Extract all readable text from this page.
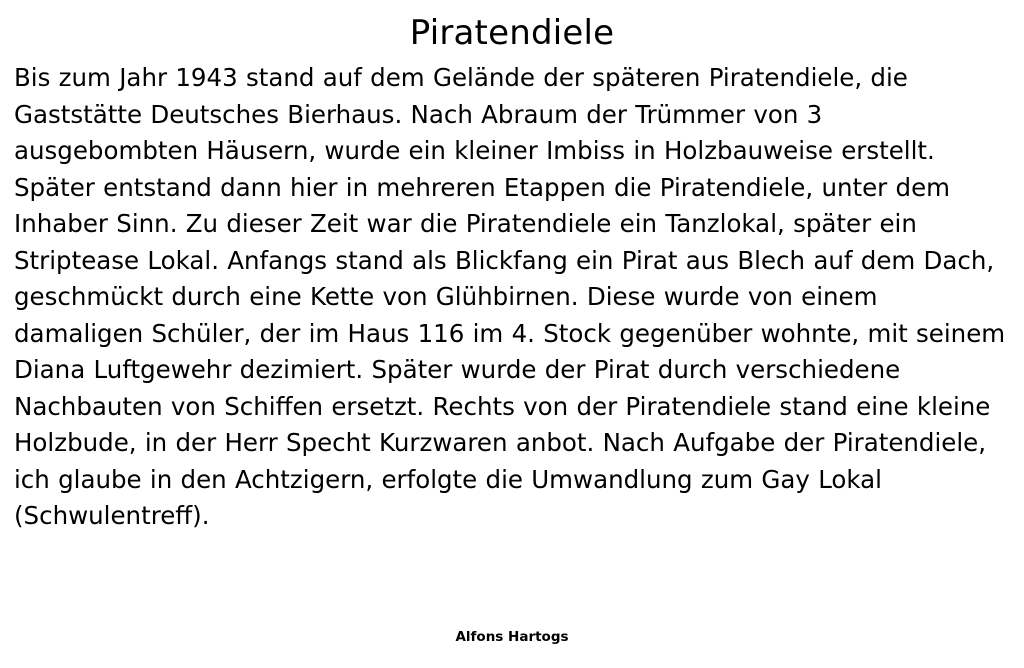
Piratendiele

Bis zum Jahr 1943 stand auf dem Gelände der späteren Piratendiele, die Gaststätte Deutsches Bierhaus. Nach Abraum der Trümmer von 3 ausgebombten Häusern, wurde ein kleiner Imbiss in Holzbauweise erstellt. Später entstand dann hier in mehreren Etappen die Piratendiele, unter dem Inhaber Sinn. Zu dieser Zeit war die Piratendiele ein Tanzlokal, später ein Striptease Lokal. Anfangs stand als Blickfang ein Pirat aus Blech auf dem Dach, geschmückt durch eine Kette von Glühbirnen. Diese wurde von einem damaligen Schüler, der im Haus 116 im 4. Stock gegenüber wohnte, mit seinem Diana Luftgewehr dezimiert. Später wurde der Pirat durch verschiedene Nachbauten von Schiffen ersetzt. Rechts von der Piratendiele stand eine kleine Holzbude, in der Herr Specht Kurzwaren anbot. Nach Aufgabe der Piratendiele, ich glaube in den Achtzigern, erfolgte die Umwandlung zum Gay Lokal (Schwulentreff).

Alfons Hartogs
